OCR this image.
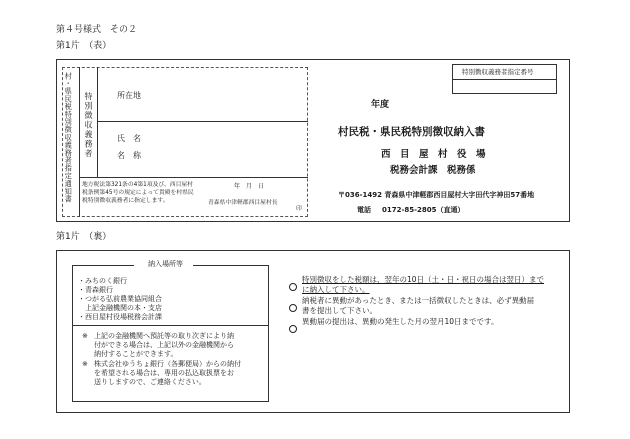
第４号様式　その２
第1片　（表）
特別徴収義務者指定番号
村・県民税特別徴収義務者指定通知書 特別徴収義務者	所在地
氏　名
名　称
地方税法第321条の4第1項及び、西目屋村
税条例第45号の規定によって貴殿を村県民
税特別徴収義務者に指定します。
年　月　日
青森県中津軽郡西目屋村長
印
年度
村民税・県民税特別徴収納入書
西　目　屋　村　役　場
税務会計課　税務係
〒036-1492 青森県中津軽郡西目屋村大字田代字神田57番地
電話 0172-85-2805（直通）
第1片　（裏）
納入場所等
・みちのく銀行
・青森銀行
・つがる弘前農業協同組合
　上記金融機関の本・支店
・西目屋村役場税務会計課
※ 上記の金融機関へ預託等の取り次ぎにより納
付ができる場合は、上記以外の金融機関から
納付することができます。
※ 株式会社ゆうちょ銀行（各郵便局）からの納付
を希望される場合は、専用の払込取扱票をお
送りしますので、ご連絡ください。
特別徴収をした税額は、翌年の10日（土・日・祝日の場合は翌日）まで
に納入して下さい。
納税者に異動があったとき、または一括徴収したときは、必ず異動届
書を提出して下さい。
異動届の提出は、異動の発生した月の翌月10日までです。
